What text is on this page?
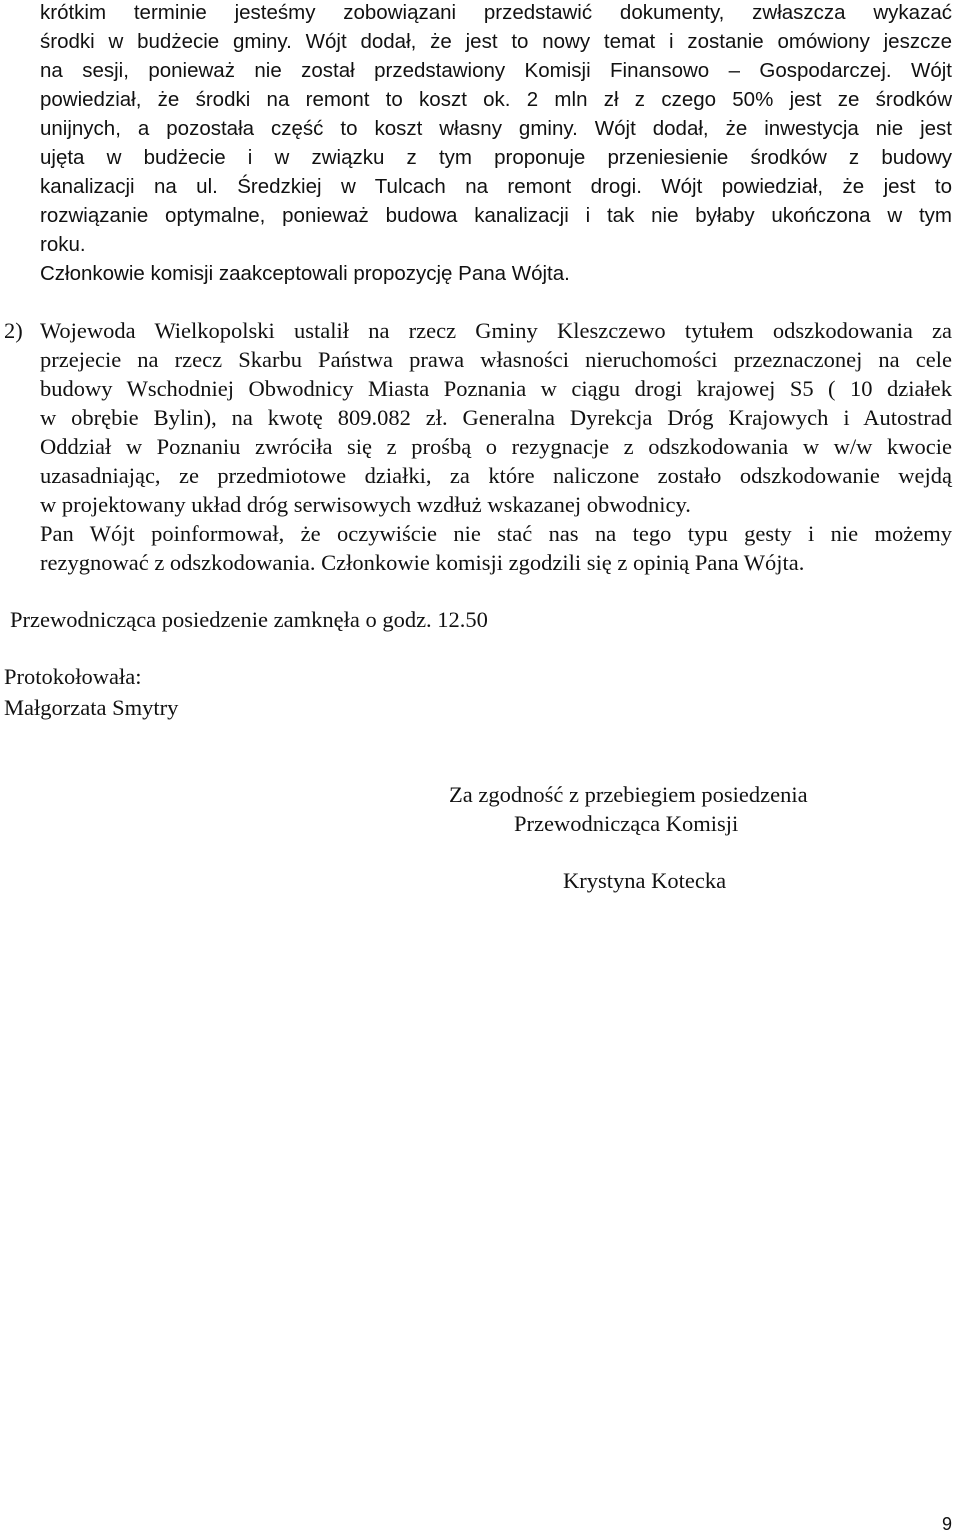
krótkim terminie jesteśmy zobowiązani przedstawić dokumenty, zwłaszcza wykazać
środki w budżecie gminy. Wójt dodał, że jest to nowy temat i zostanie omówiony jeszcze
na sesji, ponieważ nie został przedstawiony Komisji Finansowo – Gospodarczej. Wójt
powiedział, że środki na remont to koszt ok. 2 mln zł z czego 50% jest ze środków
unijnych, a pozostała część to koszt własny gminy. Wójt dodał, że inwestycja nie jest
ujęta w budżecie i w związku z tym proponuje przeniesienie środków z budowy
kanalizacji na ul. Średzkiej w Tulcach na remont drogi. Wójt powiedział, że jest to
rozwiązanie optymalne, ponieważ budowa kanalizacji i tak nie byłaby ukończona w tym
roku.
Członkowie komisji zaakceptowali propozycję Pana Wójta.
2) Wojewoda Wielkopolski ustalił na rzecz Gminy Kleszczewo tytułem odszkodowania za
przejecie na rzecz Skarbu Państwa prawa własności nieruchomości przeznaczonej na cele
budowy Wschodniej Obwodnicy Miasta Poznania w ciągu drogi krajowej S5 ( 10 działek
w obrębie Bylin), na kwotę 809.082 zł. Generalna Dyrekcja Dróg Krajowych i Autostrad
Oddział w Poznaniu zwróciła się z prośbą o rezygnacje z odszkodowania w w/w kwocie
uzasadniając, ze przedmiotowe działki, za które naliczone zostało odszkodowanie wejdą
w projektowany układ dróg serwisowych wzdłuż wskazanej obwodnicy.
Pan Wójt poinformował, że oczywiście nie stać nas na tego typu gesty i nie możemy
rezygnować z odszkodowania. Członkowie komisji zgodzili się z opinią Pana Wójta.
Przewodnicząca posiedzenie zamknęła o godz. 12.50
Protokołowała:
Małgorzata Smytry
Za zgodność z przebiegiem posiedzenia
Przewodnicząca Komisji
Krystyna Kotecka
9
